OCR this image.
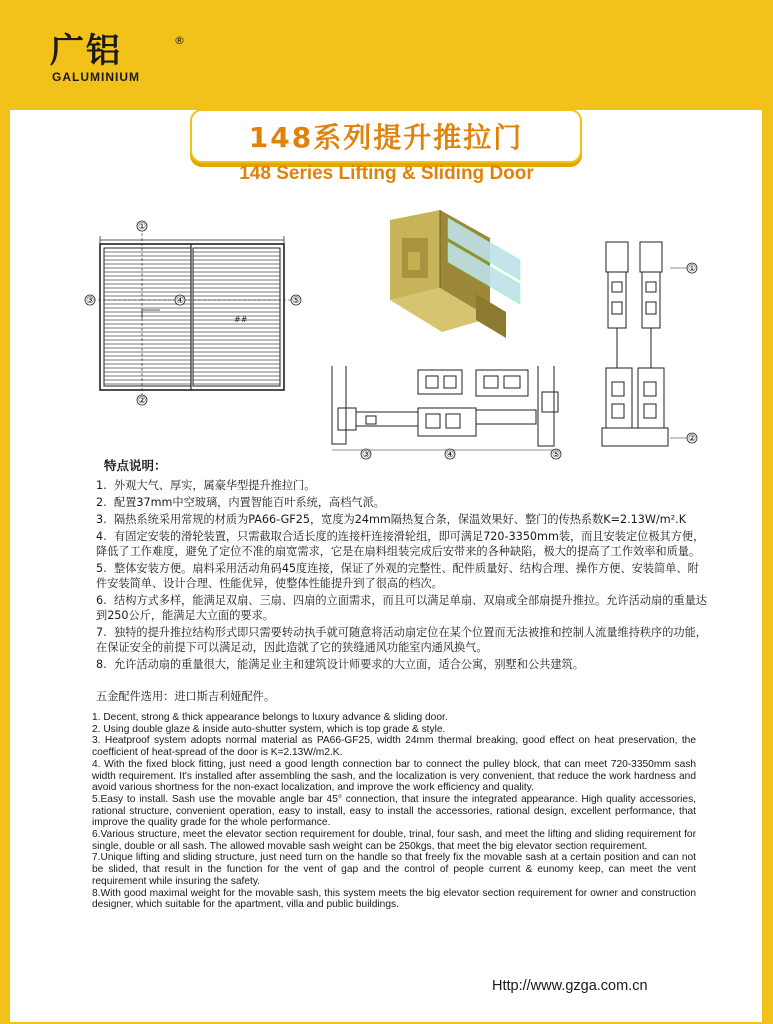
广铝	®
GALUMINIUM
148系列提升推拉门
148 Series Lifting & Sliding Door
##
①
②
③	④	⑤
③	④	⑤
①
②
特点说明：
1. 外观大气、厚实，属豪华型提升推拉门。
2. 配置37mm中空玻璃，内置智能百叶系统，高档气派。
3. 隔热系统采用常规的材质为PA66-GF25，宽度为24mm隔热复合条，保温效果好、整门的传热系数K=2.13W/m².K
4. 有固定安装的滑轮装置，只需截取合适长度的连接杆连接滑轮组，即可满足720-3350mm装，而且安装定位极其方便，降低了工作难度，避免了定位不准的扇宽需求，它是在扇料组装完成后安带来的各种缺陷，极大的提高了工作效率和质量。
5. 整体安装方便。扇料采用活动角码45度连接，保证了外观的完整性、配件质量好、结构合理、操作方便、安装简单、附件安装简单、设计合理、性能优异，使整体性能提升到了很高的档次。
6. 结构方式多样，能满足双扇、三扇、四扇的立面需求，而且可以满足单扇、双扇或全部扇提升推拉。允许活动扇的重量达到250公斤，能满足大立面的要求。
7. 独特的提升推拉结构形式即只需要转动执手就可随意将活动扇定位在某个位置而无法被推和控制人流量维持秩序的功能，在保证安全的前提下可以满足动，因此造就了它的狭缝通风功能室内通风换气。
8. 允许活动扇的重量很大，能满足业主和建筑设计师要求的大立面，适合公寓，别墅和公共建筑。
五金配件选用：进口斯吉利娅配件。

1. Decent, strong & thick appearance belongs to luxury advance & sliding door.

2. Using double glaze & inside auto-shutter system, which is top grade & style.

3. Heatproof system adopts normal material as PA66-GF25, width 24mm thermal breaking, good effect on heat preservation, the coefficient of heat-spread of the door is K=2.13W/m2.K.

4. With the fixed block fitting, just need a good length connection bar to connect the pulley block, that can meet 720-3350mm sash width requirement. It's installed after assembling the sash, and the localization is very convenient, that reduce the work hardness and avoid various shortness for the non-exact localization, and improve the work efficiency and quality.

5.Easy to install. Sash use the movable angle bar 45° connection, that insure the integrated appearance. High quality accessories, rational structure, convenient operation, easy to install, easy to install the accessories, rational design, excellent performance, that improve the quality grade for the whole performance.

6.Various structure, meet the elevator section requirement for double, trinal, four sash, and meet the lifting and sliding requirement for single, double or all sash. The allowed movable sash weight can be 250kgs, that meet the big elevator section requirement.

7.Unique lifting and sliding structure, just need turn on the handle so that freely fix the movable sash at a certain position and can not be slided, that result in the function for the vent of gap and the control of people current & eunomy keep, can meet the vent requirement while insuring the safety.

8.With good maximal weight for the movable sash, this system meets the big elevator section requirement for owner and construction designer, which suitable for the apartment, villa and public buildings.

Http://www.gzga.com.cn
